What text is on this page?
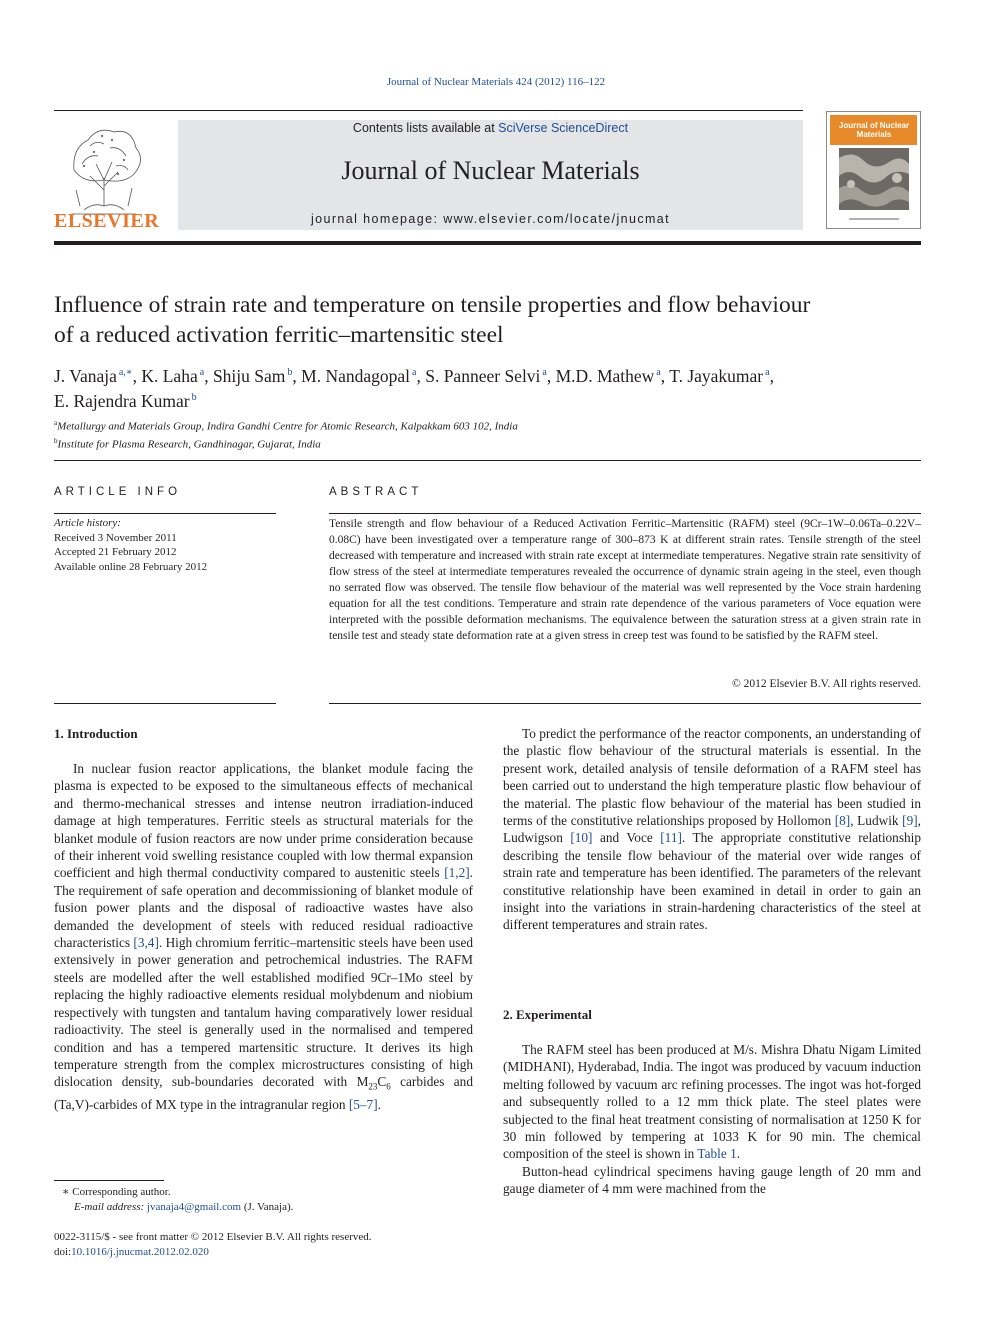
Journal of Nuclear Materials 424 (2012) 116–122
ELSEVIER
Contents lists available at SciVerse ScienceDirect
Journal of Nuclear Materials
journal homepage: www.elsevier.com/locate/jnucmat
Journal of Nuclear Materials
Influence of strain rate and temperature on tensile properties and flow behaviour
of a reduced activation ferritic–martensitic steel
J. Vanaja $^{a,∗}$, K. Laha $^a$, Shiju Sam $^b$, M. Nandagopal $^a$, S. Panneer Selvi $^a$, M.D. Mathew $^a$, T. Jayakumar $^a$,
E. Rajendra Kumar $^b$
$^a$Metallurgy and Materials Group, Indira Gandhi Centre for Atomic Research, Kalpakkam 603 102, India
$^b$Institute for Plasma Research, Gandhinagar, Gujarat, India
ARTICLE INFO
Article history:
Received 3 November 2011
Accepted 21 February 2012
Available online 28 February 2012
ABSTRACT
Tensile strength and flow behaviour of a Reduced Activation Ferritic–Martensitic (RAFM) steel (9Cr–1W–0.06Ta–0.22V–0.08C) have been investigated over a temperature range of 300–873 K at different strain rates. Tensile strength of the steel decreased with temperature and increased with strain rate except at intermediate temperatures. Negative strain rate sensitivity of flow stress of the steel at intermediate temperatures revealed the occurrence of dynamic strain ageing in the steel, even though no serrated flow was observed. The tensile flow behaviour of the material was well represented by the Voce strain hardening equation for all the test conditions. Temperature and strain rate dependence of the various parameters of Voce equation were interpreted with the possible deformation mechanisms. The equivalence between the saturation stress at a given strain rate in tensile test and steady state deformation rate at a given stress in creep test was found to be satisfied by the RAFM steel.
© 2012 Elsevier B.V. All rights reserved.
1. Introduction

In nuclear fusion reactor applications, the blanket module facing the plasma is expected to be exposed to the simultaneous effects of mechanical and thermo-mechanical stresses and intense neutron irradiation-induced damage at high temperatures. Ferritic steels as structural materials for the blanket module of fusion reactors are now under prime consideration because of their inherent void swelling resistance coupled with low thermal expansion coefficient and high thermal conductivity compared to austenitic steels [1,2]. The requirement of safe operation and decommissioning of blanket module of fusion power plants and the disposal of radioactive wastes have also demanded the development of steels with reduced residual radioactive characteristics [3,4]. High chromium ferritic–martensitic steels have been used extensively in power generation and petrochemical industries. The RAFM steels are modelled after the well established modified 9Cr–1Mo steel by replacing the highly radioactive elements residual molybdenum and niobium respectively with tungsten and tantalum having comparatively lower residual radioactivity. The steel is generally used in the normalised and tempered condition and has a tempered martensitic structure. It derives its high temperature strength from the complex microstructures consisting of high dislocation density, sub-boundaries decorated with $M_{23}C_6$ carbides and (Ta,V)-carbides of MX type in the intragranular region [5–7].

To predict the performance of the reactor components, an understanding of the plastic flow behaviour of the structural materials is essential. In the present work, detailed analysis of tensile deformation of a RAFM steel has been carried out to understand the high temperature plastic flow behaviour of the material. The plastic flow behaviour of the material has been studied in terms of the constitutive relationships proposed by Hollomon [8], Ludwik [9], Ludwigson [10] and Voce [11]. The appropriate constitutive relationship describing the tensile flow behaviour of the material over wide ranges of strain rate and temperature has been identified. The parameters of the relevant constitutive relationship have been examined in detail in order to gain an insight into the variations in strain-hardening characteristics of the steel at different temperatures and strain rates.

2. Experimental

The RAFM steel has been produced at M/s. Mishra Dhatu Nigam Limited (MIDHANI), Hyderabad, India. The ingot was produced by vacuum induction melting followed by vacuum arc refining processes. The ingot was hot-forged and subsequently rolled to a 12 mm thick plate. The steel plates were subjected to the final heat treatment consisting of normalisation at 1250 K for 30 min followed by tempering at 1033 K for 90 min. The chemical composition of the steel is shown in Table 1.

Button-head cylindrical specimens having gauge length of 20 mm and gauge diameter of 4 mm were machined from the

∗ Corresponding author.
E-mail address: jvanaja4@gmail.com (J. Vanaja).
0022-3115/$ - see front matter © 2012 Elsevier B.V. All rights reserved.
doi:10.1016/j.jnucmat.2012.02.020
